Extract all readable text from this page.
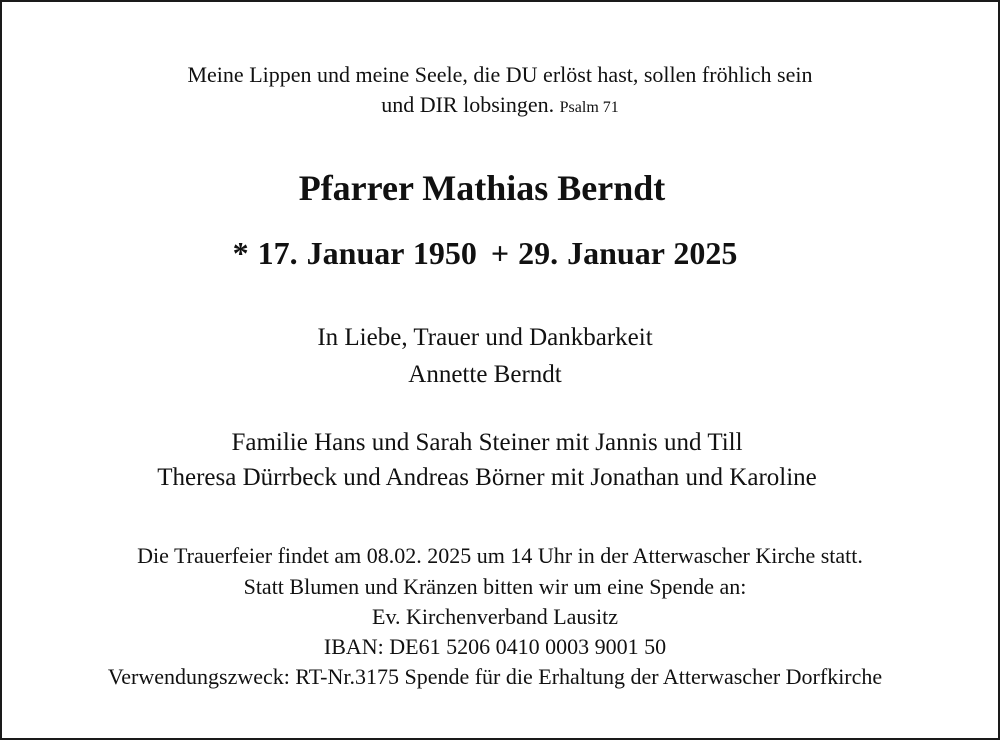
Meine Lippen und meine Seele, die DU erlöst hast, sollen fröhlich sein
und DIR lobsingen. Psalm 71
Pfarrer Mathias Berndt
* 17. Januar 1950 + 29. Januar 2025
In Liebe, Trauer und Dankbarkeit
Annette Berndt
Familie Hans und Sarah Steiner mit Jannis und Till
Theresa Dürrbeck und Andreas Börner mit Jonathan und Karoline
Die Trauerfeier findet am 08.02. 2025 um 14 Uhr in der Atterwascher Kirche statt.
Statt Blumen und Kränzen bitten wir um eine Spende an:
Ev. Kirchenverband Lausitz
IBAN: DE61 5206 0410 0003 9001 50
Verwendungszweck: RT-Nr.3175 Spende für die Erhaltung der Atterwascher Dorfkirche
